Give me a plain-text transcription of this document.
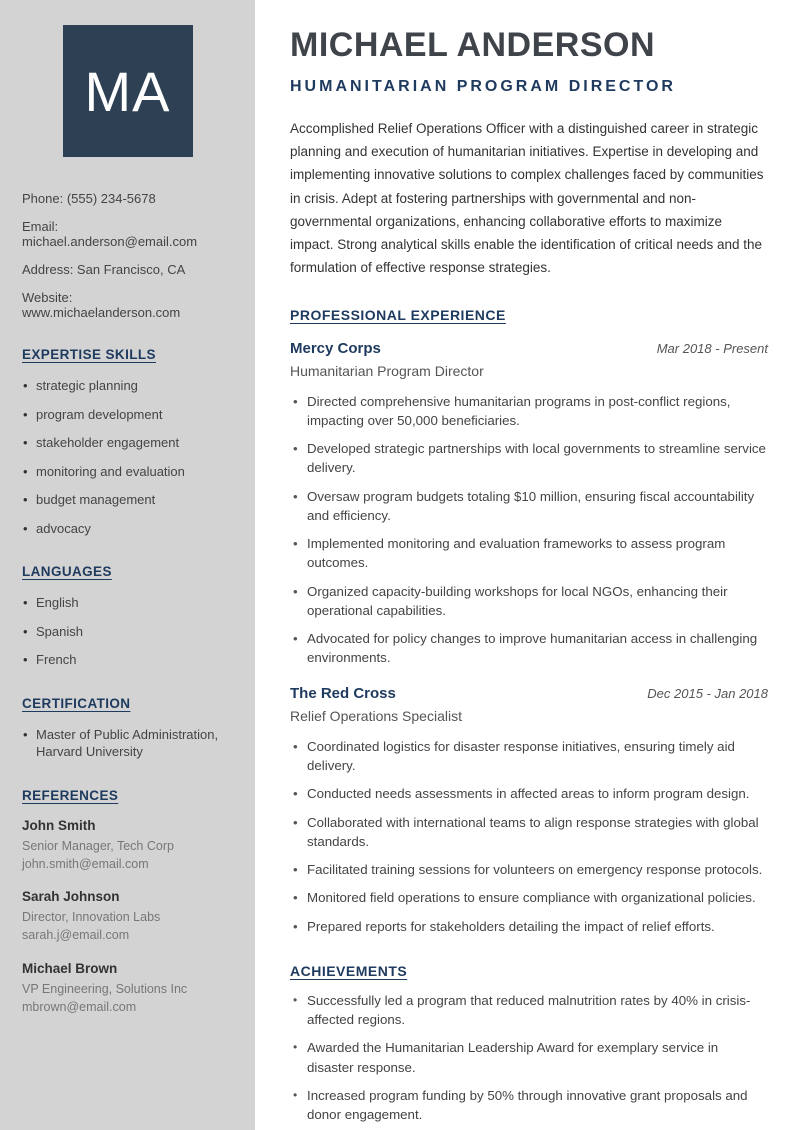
MA

Phone: (555) 234-5678

Email: michael.anderson@email.com

Address: San Francisco, CA

Website: www.michaelanderson.com

EXPERTISE SKILLS
• strategic planning
• program development
• stakeholder engagement
• monitoring and evaluation
• budget management
• advocacy
LANGUAGES
• English
• Spanish
• French
CERTIFICATION
• Master of Public Administration, Harvard University
REFERENCES
John Smith
Senior Manager, Tech Corp
john.smith@email.com
Sarah Johnson
Director, Innovation Labs
sarah.j@email.com
Michael Brown
VP Engineering, Solutions Inc
mbrown@email.com
MICHAEL ANDERSON
HUMANITARIAN PROGRAM DIRECTOR

Accomplished Relief Operations Officer with a distinguished career in strategic planning and execution of humanitarian initiatives. Expertise in developing and implementing innovative solutions to complex challenges faced by communities in crisis. Adept at fostering partnerships with governmental and non-governmental organizations, enhancing collaborative efforts to maximize impact. Strong analytical skills enable the identification of critical needs and the formulation of effective response strategies.

PROFESSIONAL EXPERIENCE
Mercy Corps	Mar 2018 - Present
Humanitarian Program Director
• Directed comprehensive humanitarian programs in post-conflict regions, impacting over 50,000 beneficiaries.
• Developed strategic partnerships with local governments to streamline service delivery.
• Oversaw program budgets totaling $10 million, ensuring fiscal accountability and efficiency.
• Implemented monitoring and evaluation frameworks to assess program outcomes.
• Organized capacity-building workshops for local NGOs, enhancing their operational capabilities.
• Advocated for policy changes to improve humanitarian access in challenging environments.
The Red Cross	Dec 2015 - Jan 2018
Relief Operations Specialist
• Coordinated logistics for disaster response initiatives, ensuring timely aid delivery.
• Conducted needs assessments in affected areas to inform program design.
• Collaborated with international teams to align response strategies with global standards.
• Facilitated training sessions for volunteers on emergency response protocols.
• Monitored field operations to ensure compliance with organizational policies.
• Prepared reports for stakeholders detailing the impact of relief efforts.
ACHIEVEMENTS
• Successfully led a program that reduced malnutrition rates by 40% in crisis-affected regions.
• Awarded the Humanitarian Leadership Award for exemplary service in disaster response.
• Increased program funding by 50% through innovative grant proposals and donor engagement.
